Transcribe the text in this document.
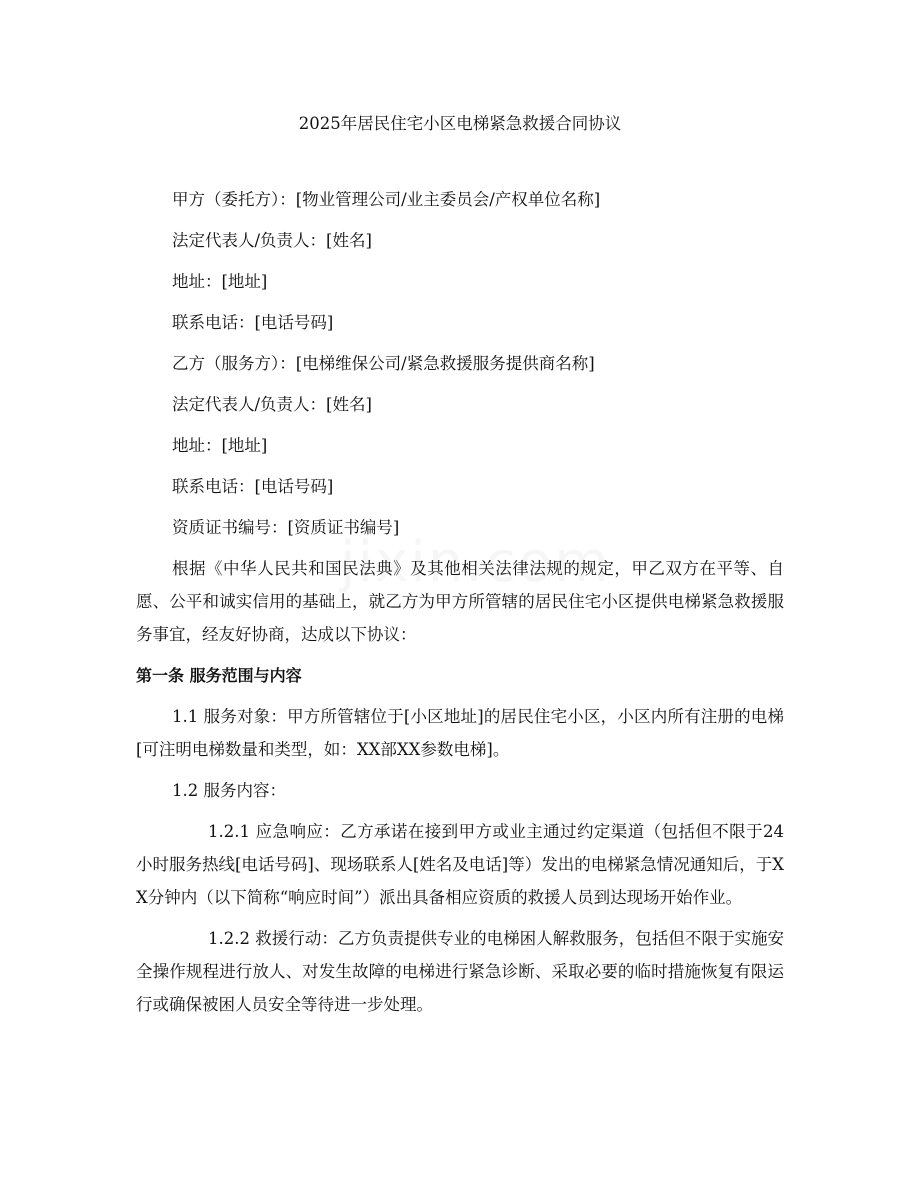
2025年居民住宅小区电梯紧急救援合同协议

甲方（委托方）：[物业管理公司/业主委员会/产权单位名称]

法定代表人/负责人：[姓名]

地址：[地址]

联系电话：[电话号码]

乙方（服务方）：[电梯维保公司/紧急救援服务提供商名称]

法定代表人/负责人：[姓名]

地址：[地址]

联系电话：[电话号码]

资质证书编号：[资质证书编号]

根据《中华人民共和国民法典》及其他相关法律法规的规定，甲乙双方在平等、自愿、公平和诚实信用的基础上，就乙方为甲方所管辖的居民住宅小区提供电梯紧急救援服务事宜，经友好协商，达成以下协议：

第一条 服务范围与内容

1.1 服务对象：甲方所管辖位于[小区地址]的居民住宅小区，小区内所有注册的电梯[可注明电梯数量和类型，如：XX部XX参数电梯]。

1.2 服务内容：

1.2.1 应急响应：乙方承诺在接到甲方或业主通过约定渠道（包括但不限于24小时服务热线[电话号码]、现场联系人[姓名及电话]等）发出的电梯紧急情况通知后，于XX分钟内（以下简称“响应时间”）派出具备相应资质的救援人员到达现场开始作业。

1.2.2 救援行动：乙方负责提供专业的电梯困人解救服务，包括但不限于实施安全操作规程进行放人、对发生故障的电梯进行紧急诊断、采取必要的临时措施恢复有限运行或确保被困人员安全等待进一步处理。
